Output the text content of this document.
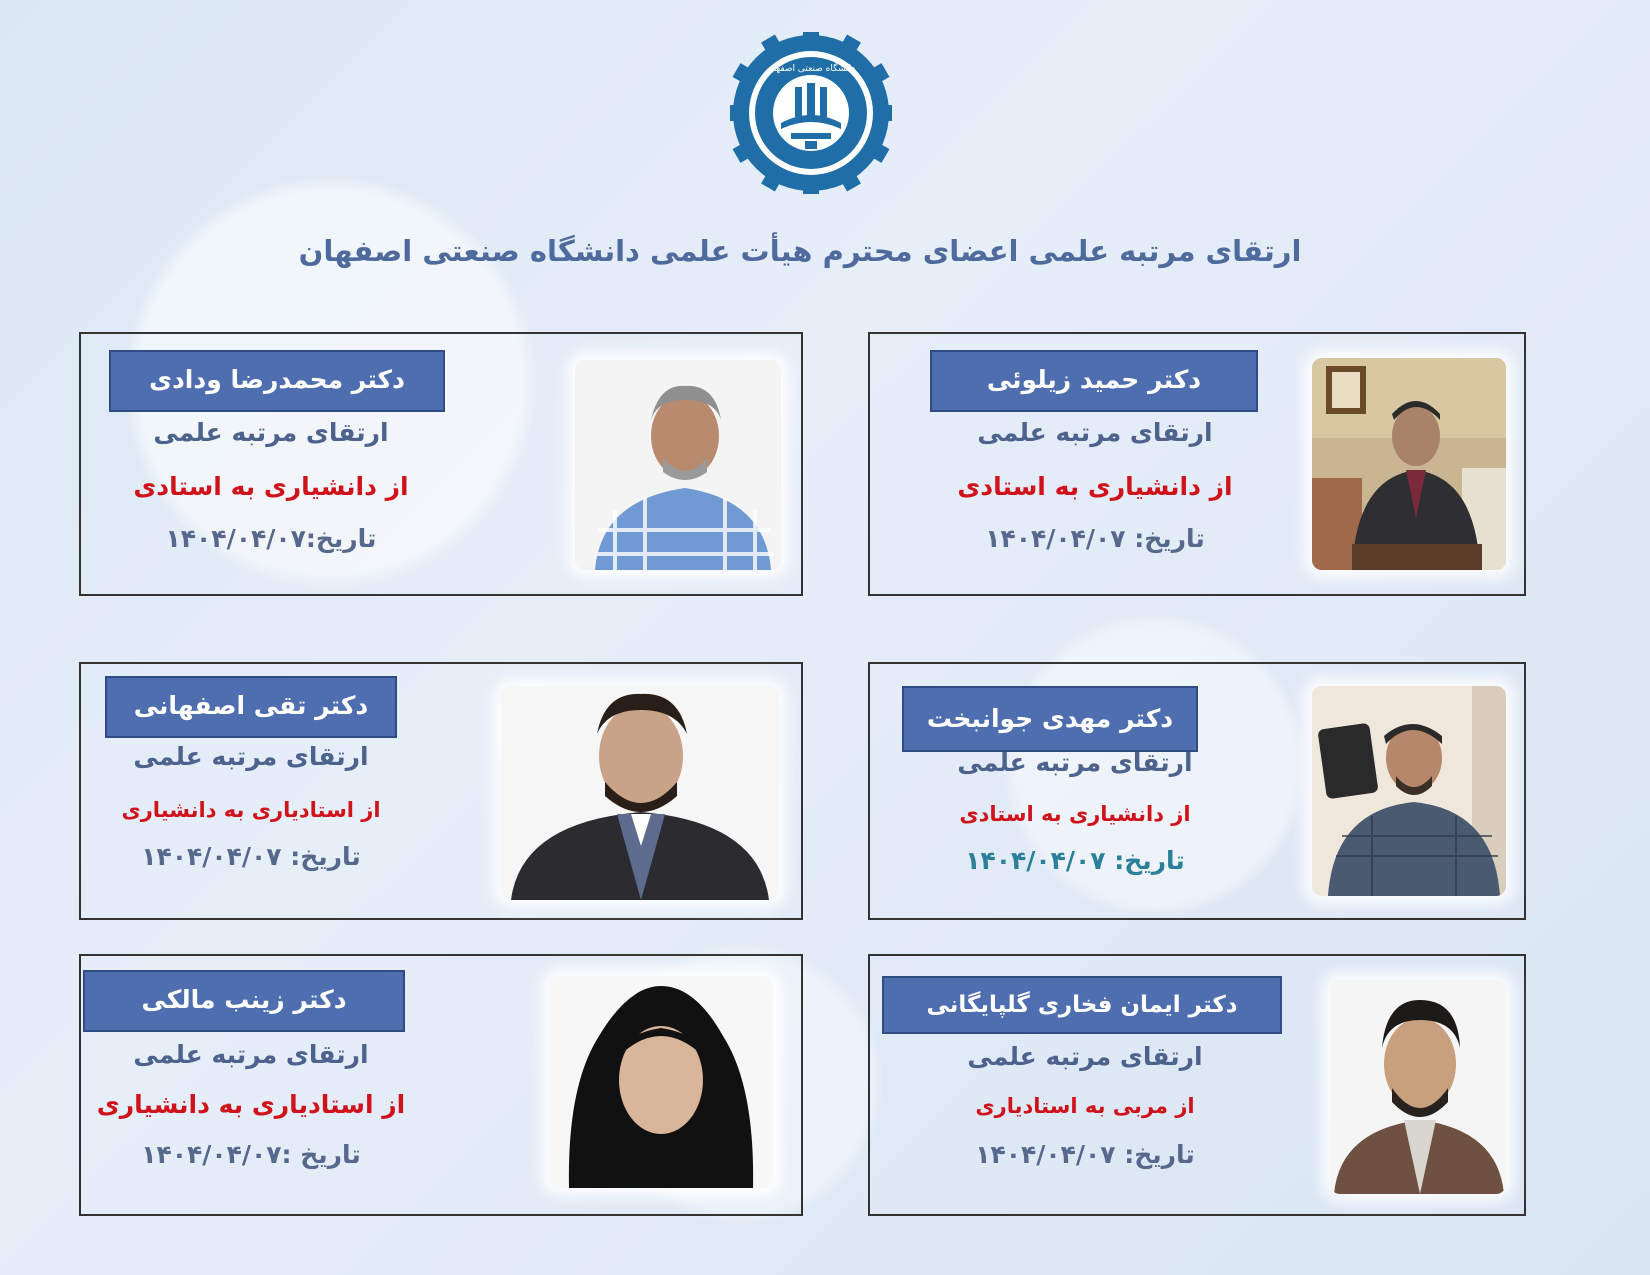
دانشگاه صنعتی اصفهان
ارتقای مرتبه علمی اعضای محترم هیأت علمی دانشگاه صنعتی اصفهان
دکتر حمید زیلوئی
ارتقای مرتبه علمی
از دانشیاری به استادی
تاریخ: ۱۴۰۴/۰۴/۰۷
دکتر محمدرضا ودادی
ارتقای مرتبه علمی
از دانشیاری به استادی
تاریخ:۱۴۰۴/۰۴/۰۷
دکتر مهدی جوانبخت
ارتقای مرتبه علمی
از دانشیاری به استادی
تاریخ: ۱۴۰۴/۰۴/۰۷
دکتر تقی اصفهانی
ارتقای مرتبه علمی
از استادیاری به دانشیاری
تاریخ: ۱۴۰۴/۰۴/۰۷
دکتر ایمان فخاری گلپایگانی
ارتقای مرتبه علمی
از مربی به استادیاری
تاریخ: ۱۴۰۴/۰۴/۰۷
دکتر زینب مالکی
ارتقای مرتبه علمی
از استادیاری به دانشیاری
تاریخ :۱۴۰۴/۰۴/۰۷
